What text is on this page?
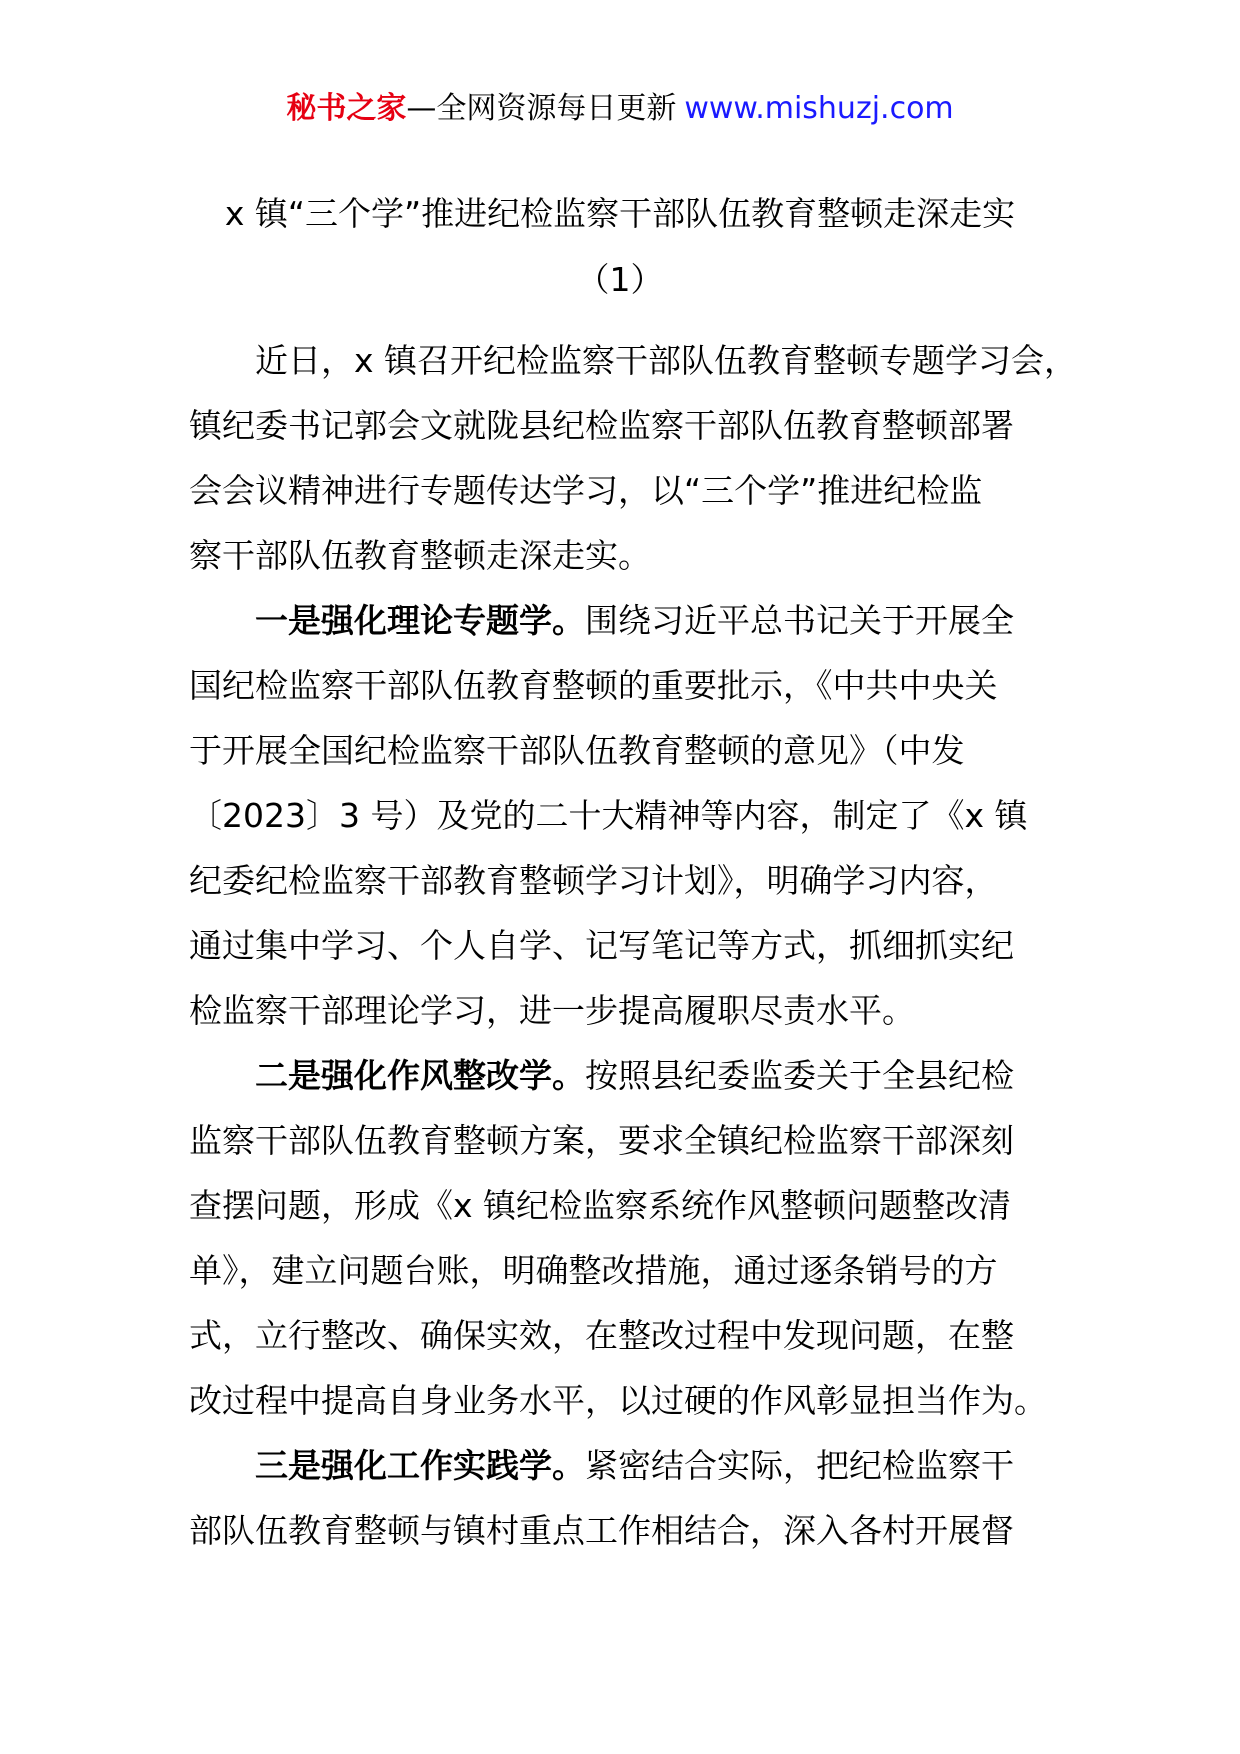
秘书之家—全网资源每日更新 www.mishuzj.com
x 镇“三个学”推进纪检监察干部队伍教育整顿走深走实
（1）
近日，x 镇召开纪检监察干部队伍教育整顿专题学习会，
镇纪委书记郭会文就陇县纪检监察干部队伍教育整顿部署
会会议精神进行专题传达学习，以“三个学”推进纪检监
察干部队伍教育整顿走深走实。
一是强化理论专题学。围绕习近平总书记关于开展全
国纪检监察干部队伍教育整顿的重要批示，《中共中央关
于开展全国纪检监察干部队伍教育整顿的意见》（中发
〔2023〕3 号）及党的二十大精神等内容，制定了《x 镇
纪委纪检监察干部教育整顿学习计划》，明确学习内容，
通过集中学习、个人自学、记写笔记等方式，抓细抓实纪
检监察干部理论学习，进一步提高履职尽责水平。
二是强化作风整改学。按照县纪委监委关于全县纪检
监察干部队伍教育整顿方案，要求全镇纪检监察干部深刻
查摆问题，形成《x 镇纪检监察系统作风整顿问题整改清
单》，建立问题台账，明确整改措施，通过逐条销号的方
式，立行整改、确保实效，在整改过程中发现问题，在整
改过程中提高自身业务水平，以过硬的作风彰显担当作为。
三是强化工作实践学。紧密结合实际，把纪检监察干
部队伍教育整顿与镇村重点工作相结合，深入各村开展督
